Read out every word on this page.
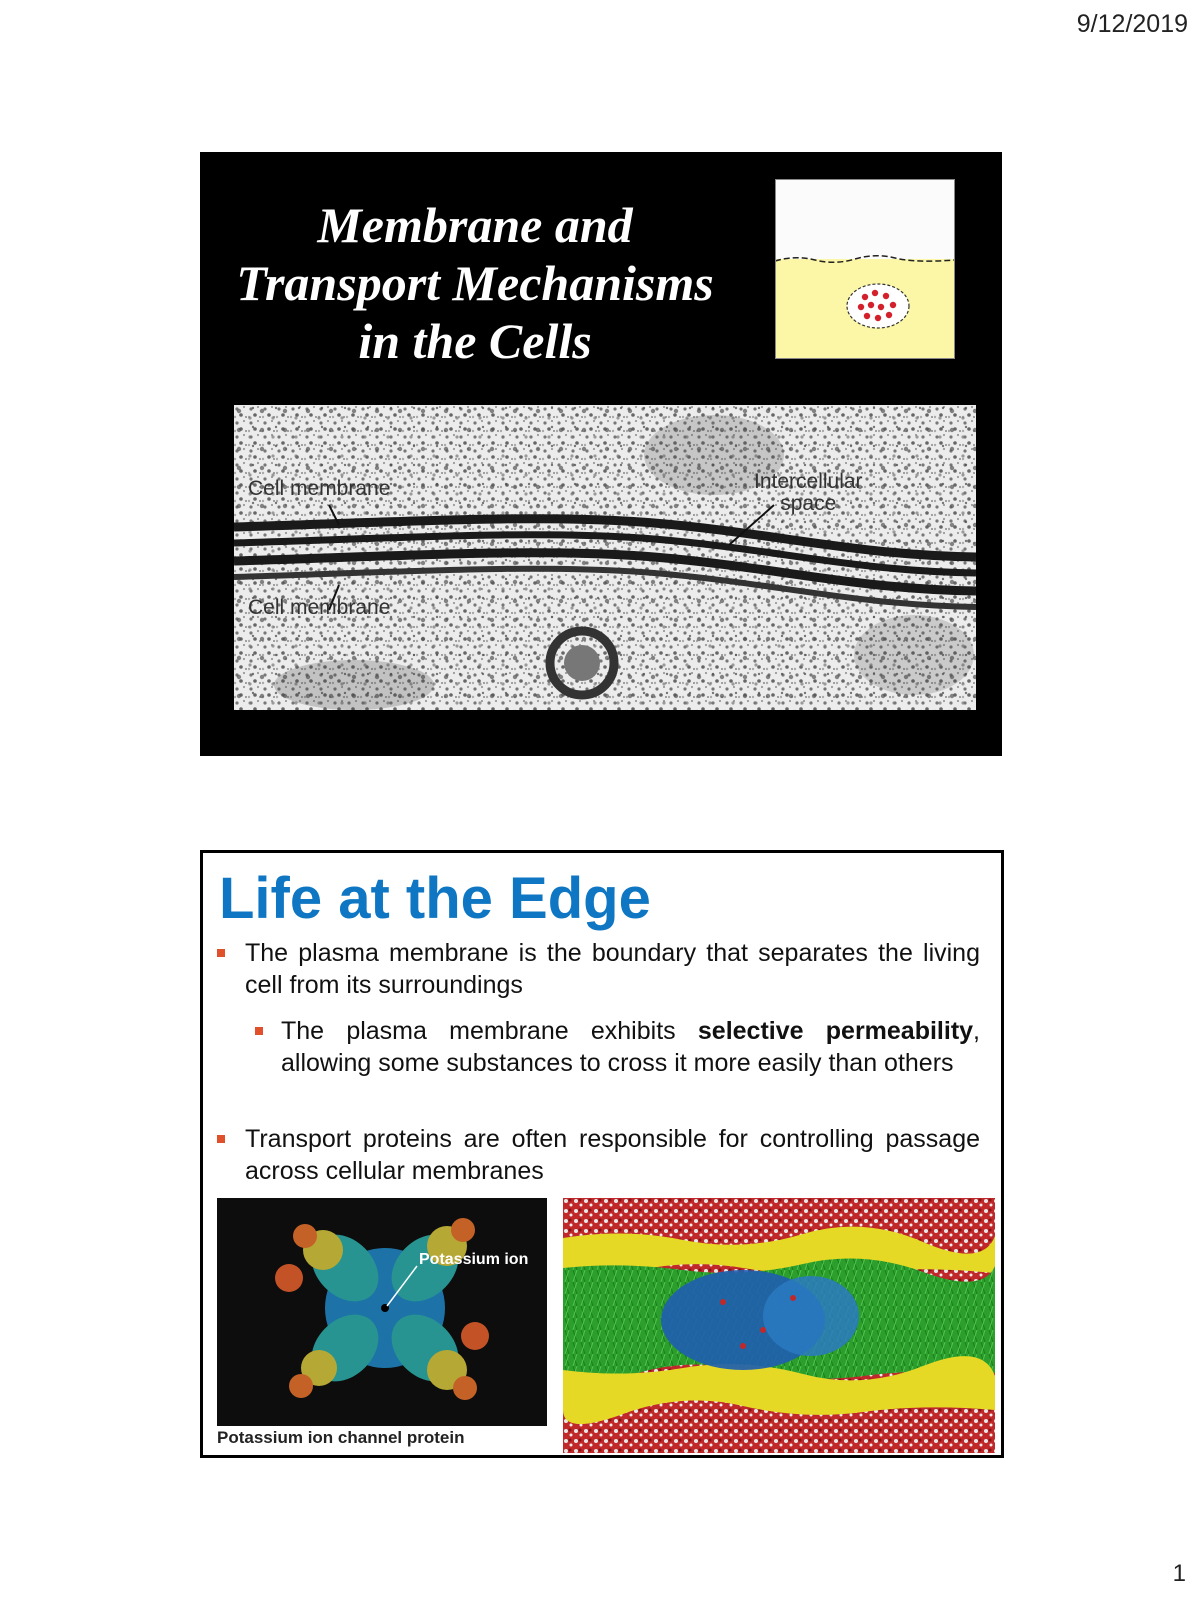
9/12/2019
Membrane and
Transport Mechanisms
in the Cells
Cell membrane	Intercellular
space
Cell membrane
Life at the Edge
The plasma membrane is the boundary that separates the living cell from its surroundings
The plasma membrane exhibits selective permeability, allowing some substances to cross it more easily than others
Transport proteins are often responsible for controlling passage across cellular membranes
Potassium ion
Potassium ion channel protein
1
